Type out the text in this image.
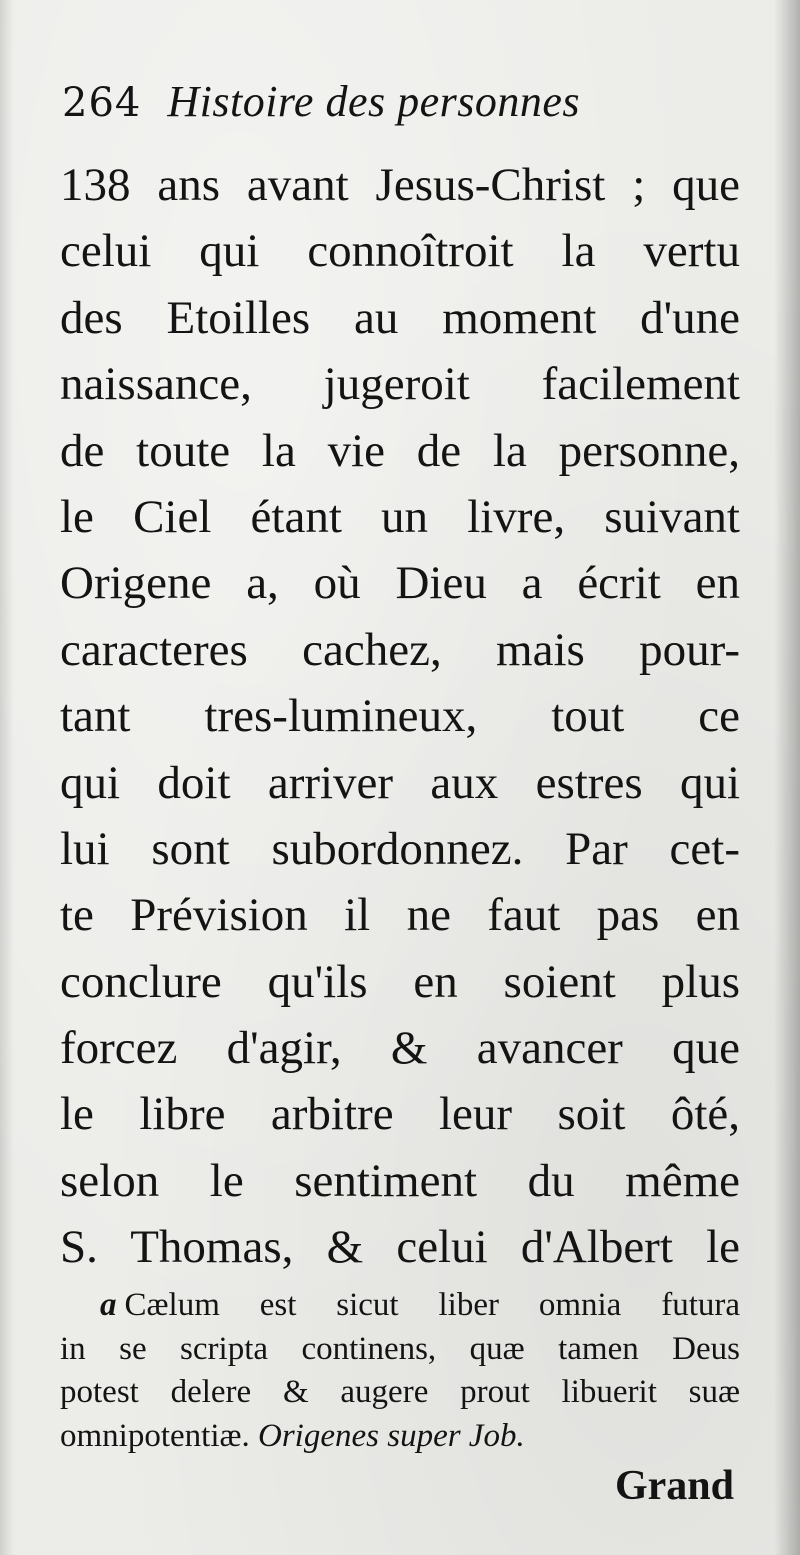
264 Histoire des personnes
138 ans avant Jesus-Christ ; que
celui qui connoîtroit la vertu
des Etoilles au moment d'une
naissance, jugeroit facilement
de toute la vie de la personne,
le Ciel étant un livre, suivant
Origene a, où Dieu a écrit en
caracteres cachez, mais pour-
tant tres-lumineux, tout ce
qui doit arriver aux estres qui
lui sont subordonnez. Par cet-
te Prévision il ne faut pas en
conclure qu'ils en soient plus
forcez d'agir, & avancer que
le libre arbitre leur soit ôté,
selon le sentiment du même
S. Thomas, & celui d'Albert le
a Cælum est sicut liber omnia futura
in se scripta continens, quæ tamen Deus
potest delere & augere prout libuerit suæ
omnipotentiæ. Origenes super Job.
Grand
